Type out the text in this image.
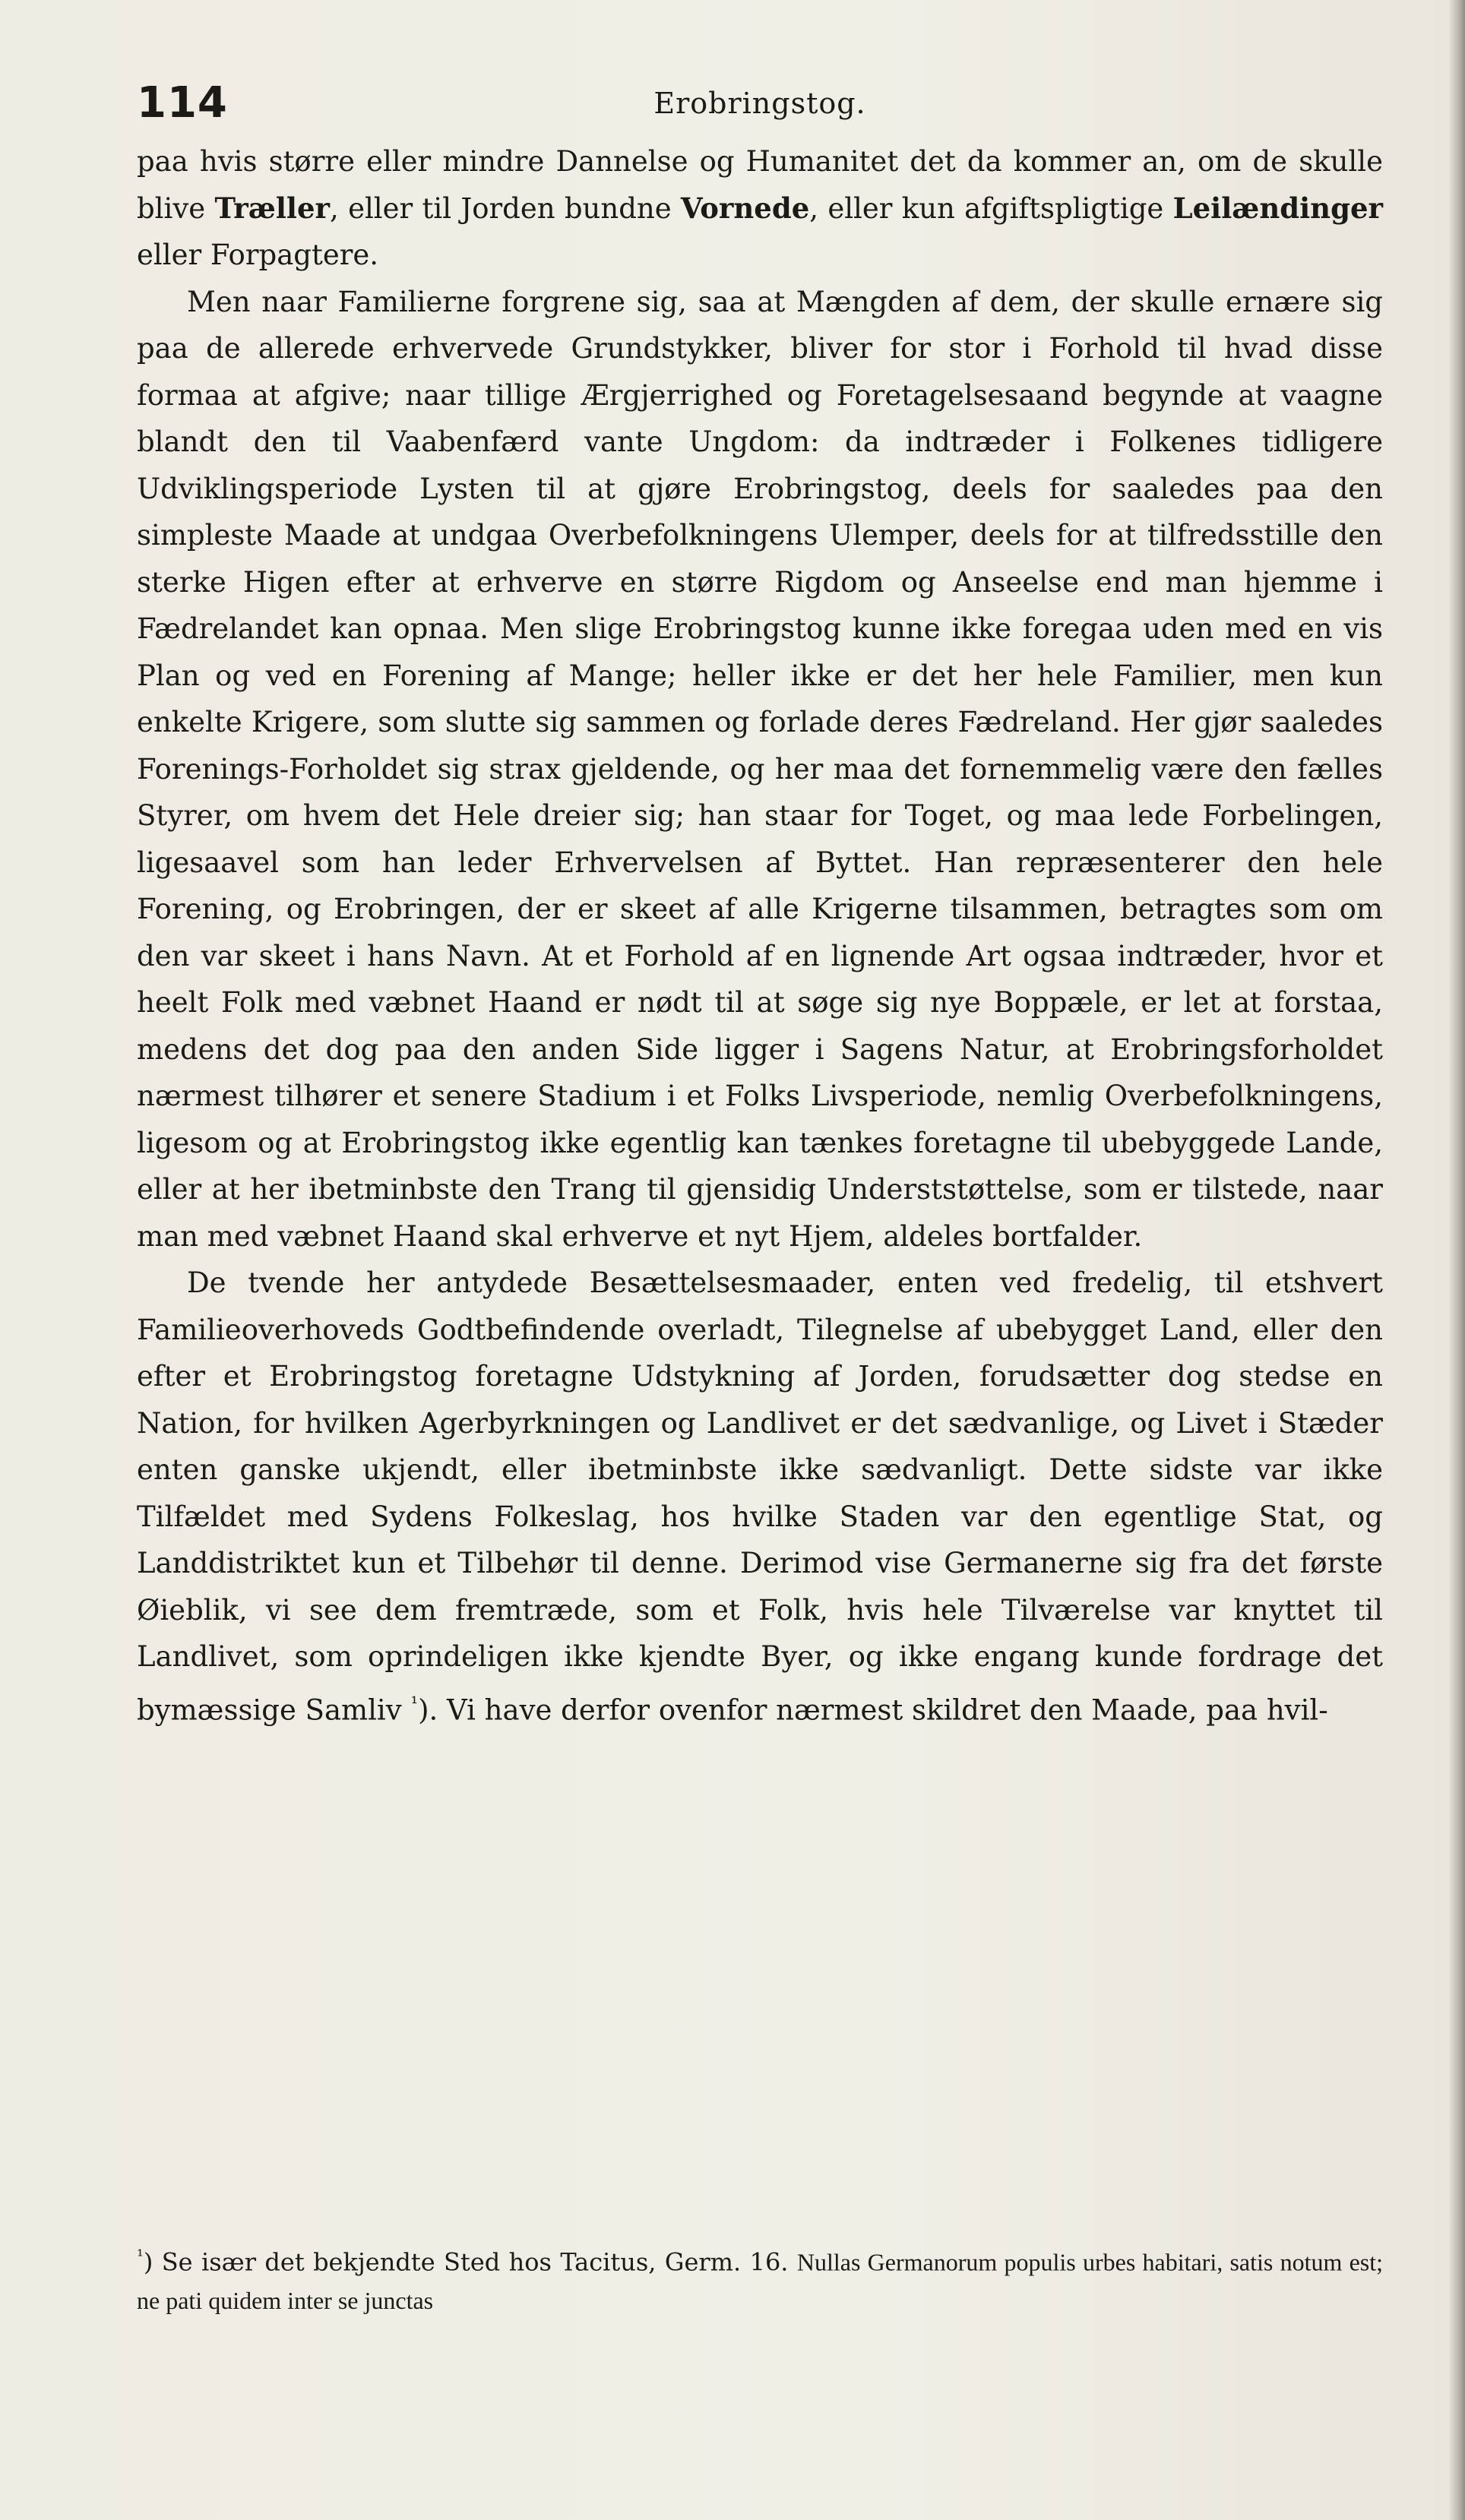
Erobringstog.
114

paa hvis større eller mindre Dannelse og Humanitet det da kommer an, om de skulle blive Træller, eller til Jorden bundne Vornede, eller kun afgiftspligtige Leilændinger eller Forpagtere.

Men naar Familierne forgrene sig, saa at Mængden af dem, der skulle ernære sig paa de allerede erhvervede Grundstykker, bliver for stor i Forhold til hvad disse formaa at afgive; naar tillige Ærgjerrighed og Foretagelsesaand begynde at vaagne blandt den til Vaabenfærd vante Ungdom: da indtræder i Folkenes tidligere Udviklingsperiode Lysten til at gjøre Erobringstog, deels for saaledes paa den simpleste Maade at undgaa Overbefolkningens Ulemper, deels for at tilfredsstille den sterke Higen efter at erhverve en større Rigdom og Anseelse end man hjemme i Fædrelandet kan opnaa. Men slige Erobringstog kunne ikke foregaa uden med en vis Plan og ved en Forening af Mange; heller ikke er det her hele Familier, men kun enkelte Krigere, som slutte sig sammen og forlade deres Fædreland. Her gjør saaledes Forenings-Forholdet sig strax gjeldende, og her maa det fornemmelig være den fælles Styrer, om hvem det Hele dreier sig; han staar for Toget, og maa lede Forbelingen, ligesaavel som han leder Erhvervelsen af Byttet. Han repræsenterer den hele Forening, og Erobringen, der er skeet af alle Krigerne tilsammen, betragtes som om den var skeet i hans Navn. At et Forhold af en lignende Art ogsaa indtræder, hvor et heelt Folk med væbnet Haand er nødt til at søge sig nye Boppæle, er let at forstaa, medens det dog paa den anden Side ligger i Sagens Natur, at Erobringsforholdet nærmest tilhører et senere Stadium i et Folks Livsperiode, nemlig Overbefolkningens, ligesom og at Erobringstog ikke egentlig kan tænkes foretagne til ubebyggede Lande, eller at her ibetminbste den Trang til gjensidig Underststøttelse, som er tilstede, naar man med væbnet Haand skal erhverve et nyt Hjem, aldeles bortfalder.

De tvende her antydede Besættelsesmaader, enten ved fredelig, til etshvert Familieoverhoveds Godtbefindende overladt, Tilegnelse af ubebygget Land, eller den efter et Erobringstog foretagne Udstykning af Jorden, forudsætter dog stedse en Nation, for hvilken Agerbyrkningen og Landlivet er det sædvanlige, og Livet i Stæder enten ganske ukjendt, eller ibetminbste ikke sædvanligt. Dette sidste var ikke Tilfældet med Sydens Folkeslag, hos hvilke Staden var den egentlige Stat, og Landdistriktet kun et Tilbehør til denne. Derimod vise Germanerne sig fra det første Øieblik, vi see dem fremtræde, som et Folk, hvis hele Tilværelse var knyttet til Landlivet, som oprindeligen ikke kjendte Byer, og ikke engang kunde fordrage det bymæssige Samliv $^{^1}$). Vi have derfor ovenfor nærmest skildret den Maade, paa hvil-

$^{^1}$) Se især det bekjendte Sted hos Tacitus, Germ. 16. Nullas Germanorum populis urbes habitari, satis notum est; ne pati quidem inter se junctas
